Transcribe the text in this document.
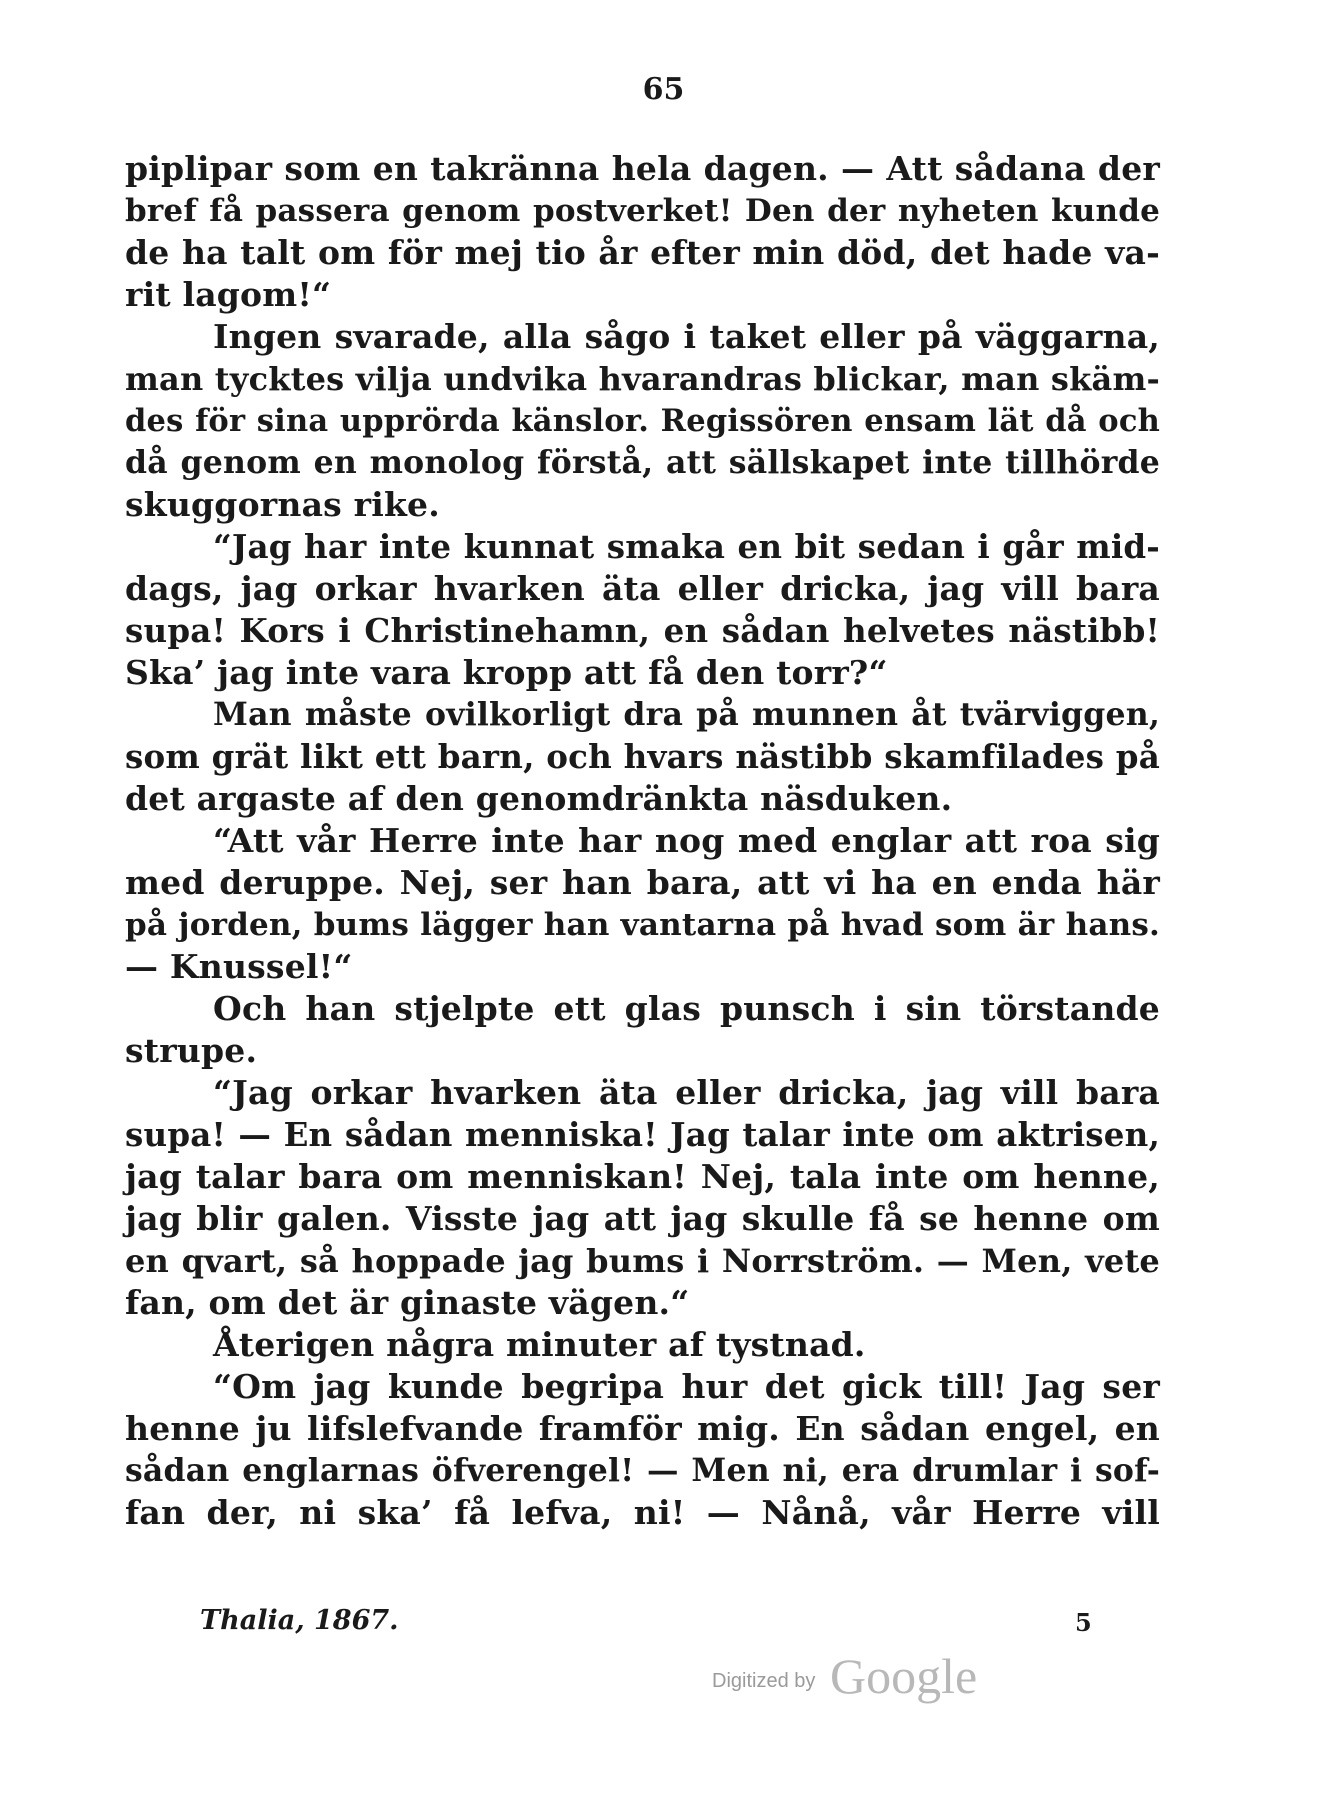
65
piplipar som en takränna hela dagen. — Att sådana der
bref få passera genom postverket! Den der nyheten kunde
de ha talt om för mej tio år efter min död, det hade va-
rit lagom!“
Ingen svarade, alla sågo i taket eller på väggarna,
man tycktes vilja undvika hvarandras blickar, man skäm-
des för sina upprörda känslor. Regissören ensam lät då och
då genom en monolog förstå, att sällskapet inte tillhörde
skuggornas rike.
“Jag har inte kunnat smaka en bit sedan i går mid-
dags, jag orkar hvarken äta eller dricka, jag vill bara
supa! Kors i Christinehamn, en sådan helvetes nästibb!
Ska’ jag inte vara kropp att få den torr?“
Man måste ovilkorligt dra på munnen åt tvärviggen,
som grät likt ett barn, och hvars nästibb skamfilades på
det argaste af den genomdränkta näsduken.
“Att vår Herre inte har nog med englar att roa sig
med deruppe. Nej, ser han bara, att vi ha en enda här
på jorden, bums lägger han vantarna på hvad som är hans.
— Knussel!“
Och han stjelpte ett glas punsch i sin törstande
strupe.
“Jag orkar hvarken äta eller dricka, jag vill bara
supa! — En sådan menniska! Jag talar inte om aktrisen,
jag talar bara om menniskan! Nej, tala inte om henne,
jag blir galen. Visste jag att jag skulle få se henne om
en qvart, så hoppade jag bums i Norrström. — Men, vete
fan, om det är ginaste vägen.“
Återigen några minuter af tystnad.
“Om jag kunde begripa hur det gick till! Jag ser
henne ju lifslefvande framför mig. En sådan engel, en
sådan englarnas öfverengel! — Men ni, era drumlar i sof-
fan der, ni ska’ få lefva, ni! — Nånå, vår Herre vill
Thalia, 1867.	5
Digitized by Google
